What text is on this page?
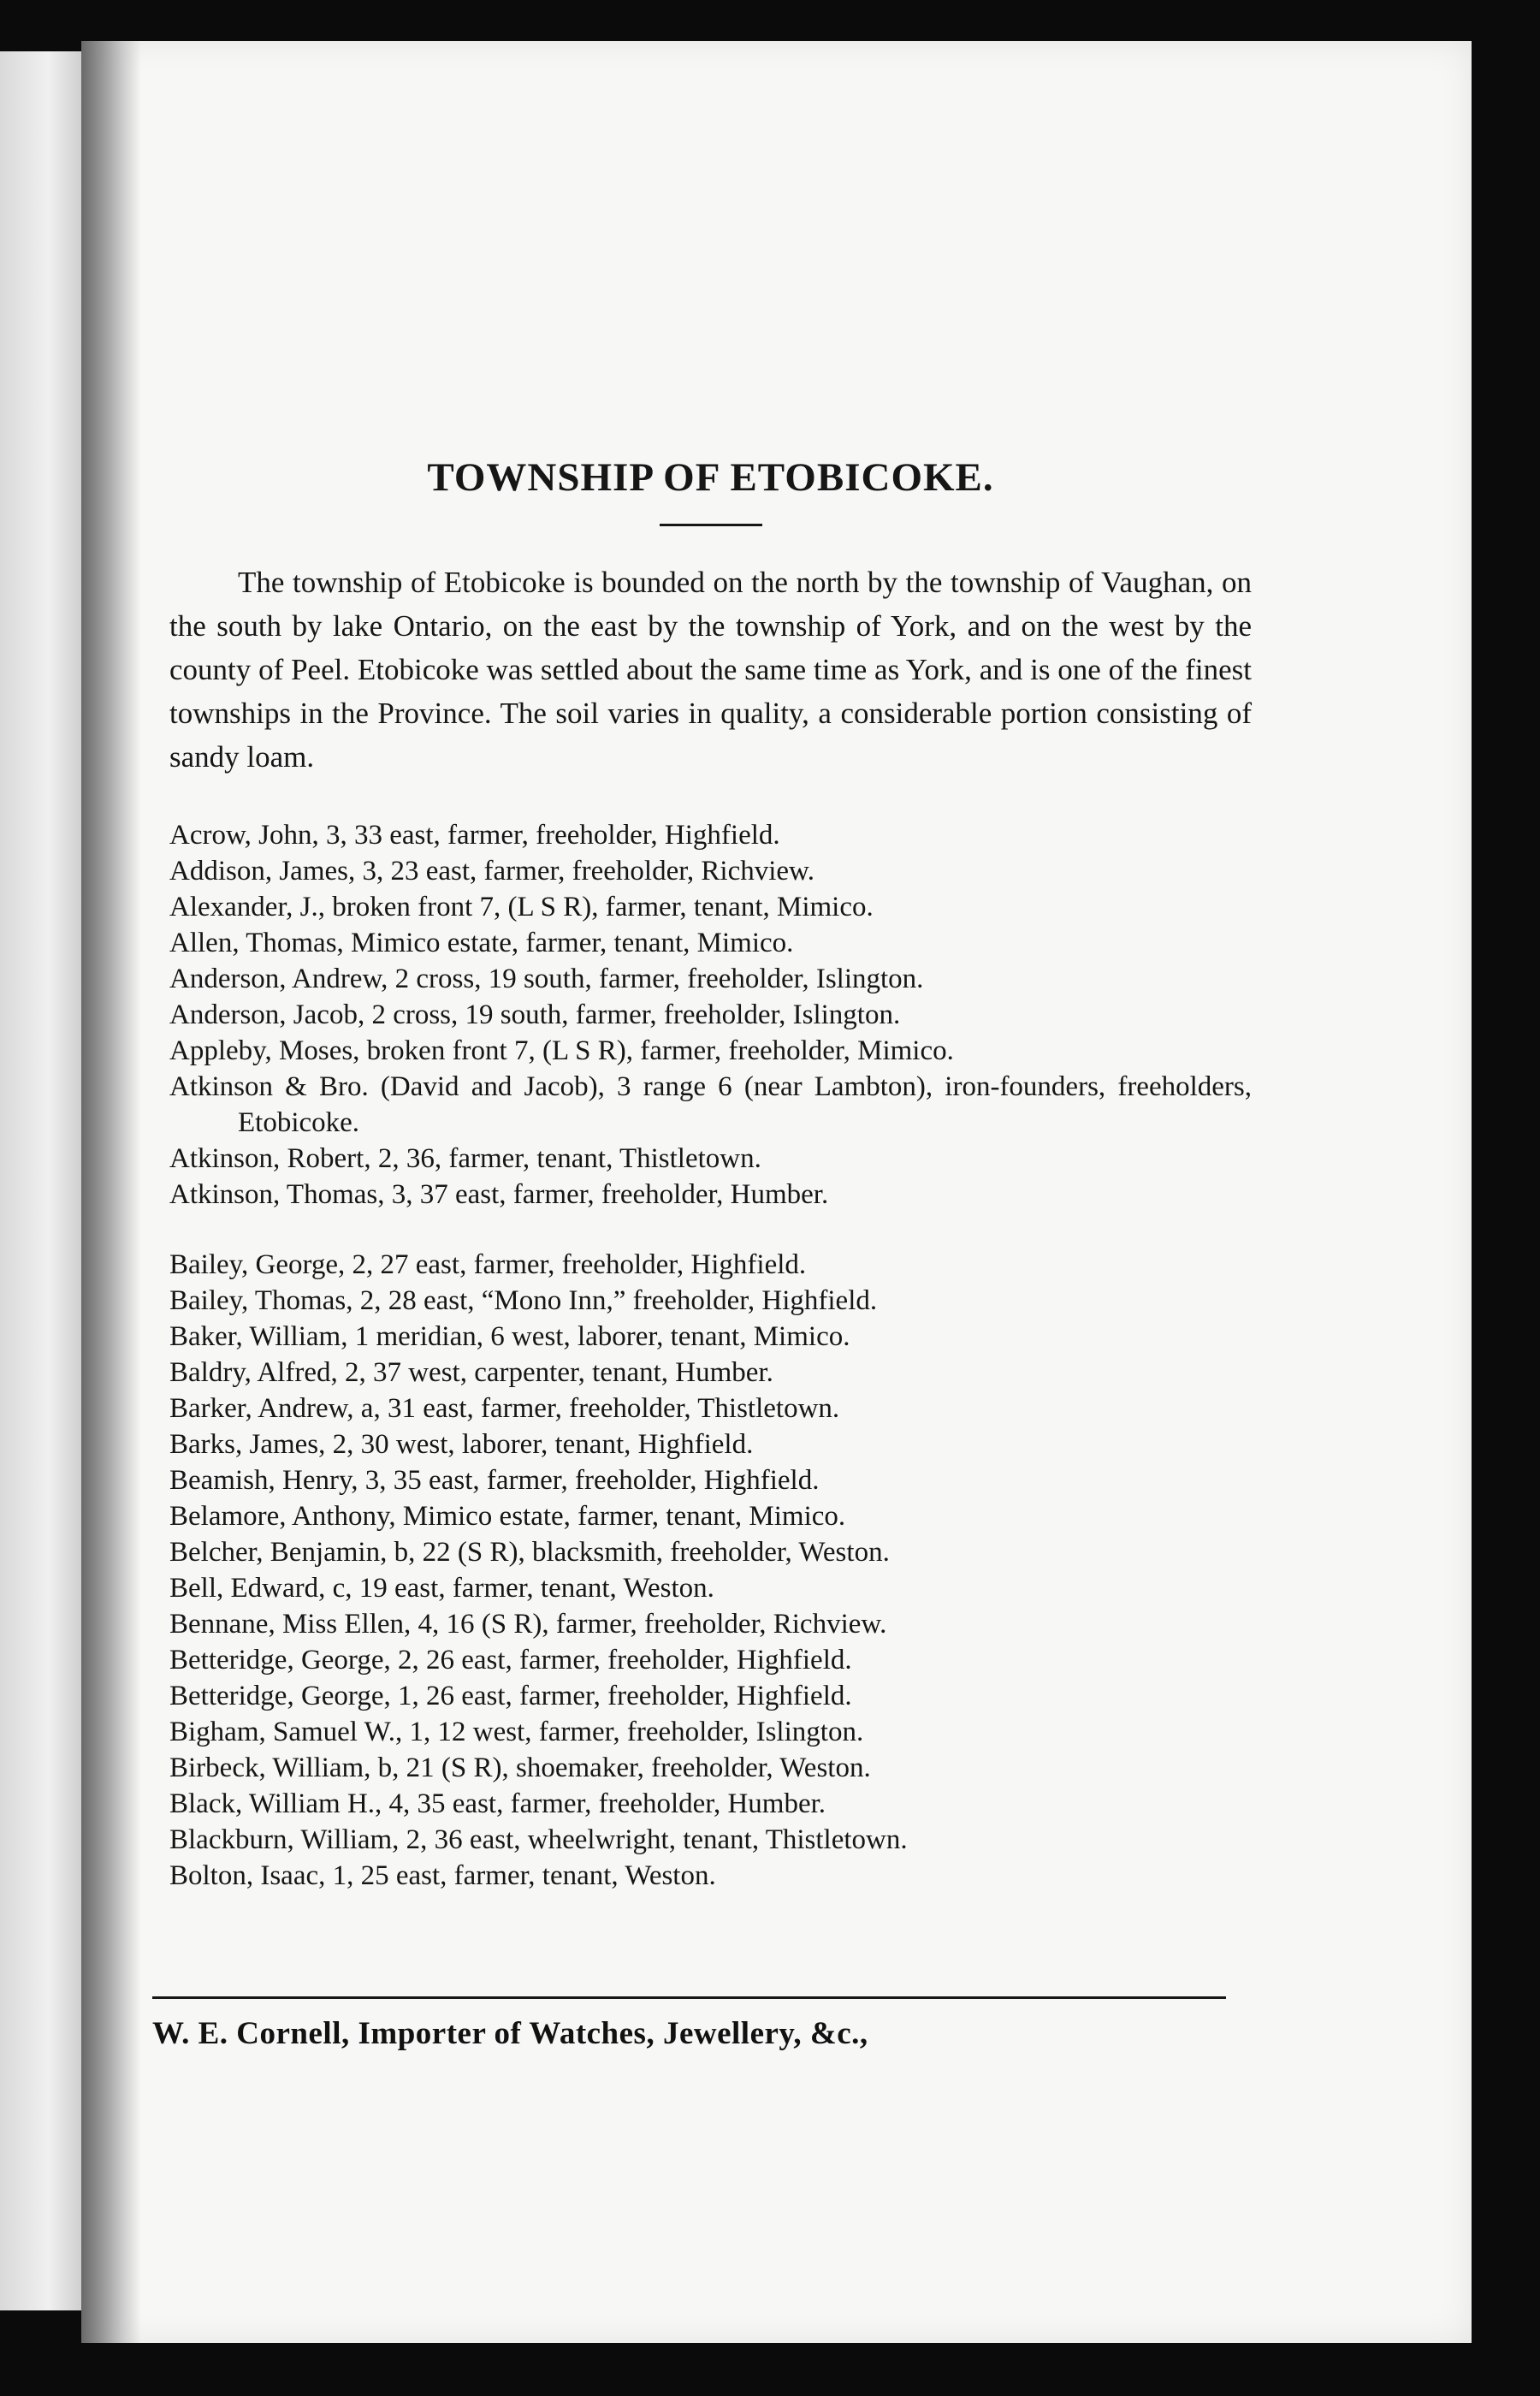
TOWNSHIP OF ETOBICOKE.

The township of Etobicoke is bounded on the north by the township of Vaughan, on the south by lake Ontario, on the east by the township of York, and on the west by the county of Peel. Etobicoke was settled about the same time as York, and is one of the finest townships in the Province. The soil varies in quality, a considerable portion consisting of sandy loam.

Acrow, John, 3, 33 east, farmer, freeholder, Highfield.
Addison, James, 3, 23 east, farmer, freeholder, Richview.
Alexander, J., broken front 7, (L S R), farmer, tenant, Mimico.
Allen, Thomas, Mimico estate, farmer, tenant, Mimico.
Anderson, Andrew, 2 cross, 19 south, farmer, freeholder, Islington.
Anderson, Jacob, 2 cross, 19 south, farmer, freeholder, Islington.
Appleby, Moses, broken front 7, (L S R), farmer, freeholder, Mimico.
Atkinson & Bro. (David and Jacob), 3 range 6 (near Lambton), iron-founders, freeholders, Etobicoke.
Atkinson, Robert, 2, 36, farmer, tenant, Thistletown.
Atkinson, Thomas, 3, 37 east, farmer, freeholder, Humber.
Bailey, George, 2, 27 east, farmer, freeholder, Highfield.
Bailey, Thomas, 2, 28 east, “Mono Inn,” freeholder, Highfield.
Baker, William, 1 meridian, 6 west, laborer, tenant, Mimico.
Baldry, Alfred, 2, 37 west, carpenter, tenant, Humber.
Barker, Andrew, a, 31 east, farmer, freeholder, Thistletown.
Barks, James, 2, 30 west, laborer, tenant, Highfield.
Beamish, Henry, 3, 35 east, farmer, freeholder, Highfield.
Belamore, Anthony, Mimico estate, farmer, tenant, Mimico.
Belcher, Benjamin, b, 22 (S R), blacksmith, freeholder, Weston.
Bell, Edward, c, 19 east, farmer, tenant, Weston.
Bennane, Miss Ellen, 4, 16 (S R), farmer, freeholder, Richview.
Betteridge, George, 2, 26 east, farmer, freeholder, Highfield.
Betteridge, George, 1, 26 east, farmer, freeholder, Highfield.
Bigham, Samuel W., 1, 12 west, farmer, freeholder, Islington.
Birbeck, William, b, 21 (S R), shoemaker, freeholder, Weston.
Black, William H., 4, 35 east, farmer, freeholder, Humber.
Blackburn, William, 2, 36 east, wheelwright, tenant, Thistletown.
Bolton, Isaac, 1, 25 east, farmer, tenant, Weston.
W. E. Cornell, Importer of Watches, Jewellery, &c.,
